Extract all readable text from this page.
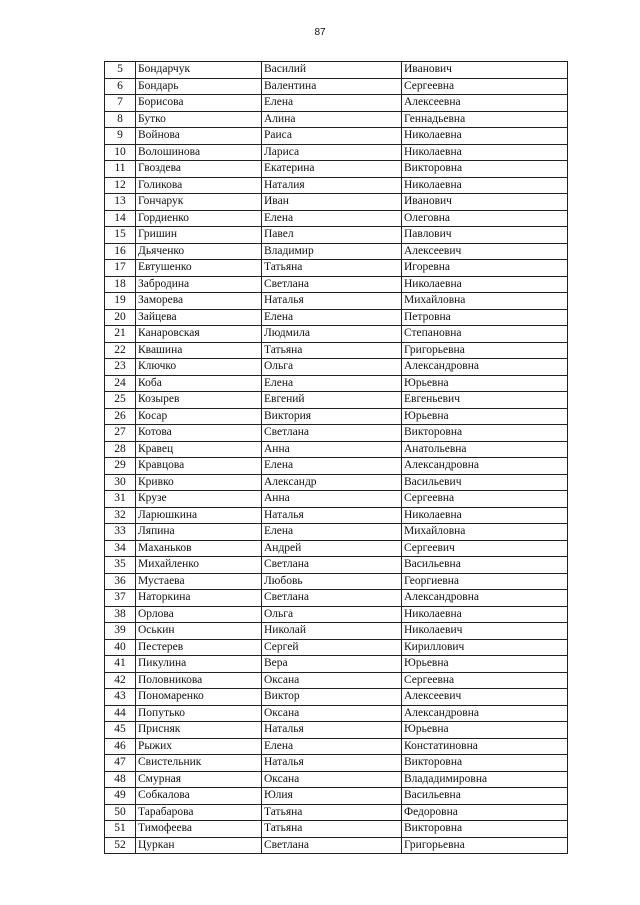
87
5	Бондарчук	Василий	Иванович
6	Бондарь	Валентина	Сергеевна
7	Борисова	Елена	Алексеевна
8	Бутко	Алина	Геннадьевна
9	Войнова	Раиса	Николаевна
10	Волошинова	Лариса	Николаевна
11	Гвоздева	Екатерина	Викторовна
12	Голикова	Наталия	Николаевна
13	Гончарук	Иван	Иванович
14	Гордиенко	Елена	Олеговна
15	Гришин	Павел	Павлович
16	Дьяченко	Владимир	Алексеевич
17	Евтушенко	Татьяна	Игоревна
18	Забродина	Светлана	Николаевна
19	Заморева	Наталья	Михайловна
20	Зайцева	Елена	Петровна
21	Канаровская	Людмила	Степановна
22	Квашина	Татьяна	Григорьевна
23	Ключко	Ольга	Александровна
24	Коба	Елена	Юрьевна
25	Козырев	Евгений	Евгеньевич
26	Косар	Виктория	Юрьевна
27	Котова	Светлана	Викторовна
28	Кравец	Анна	Анатольевна
29	Кравцова	Елена	Александровна
30	Кривко	Александр	Васильевич
31	Крузе	Анна	Сергеевна
32	Ларюшкина	Наталья	Николаевна
33	Ляпина	Елена	Михайловна
34	Маханьков	Андрей	Сергеевич
35	Михайленко	Светлана	Васильевна
36	Мустаева	Любовь	Георгиевна
37	Наторкина	Светлана	Александровна
38	Орлова	Ольга	Николаевна
39	Оськин	Николай	Николаевич
40	Пестерев	Сергей	Кириллович
41	Пикулина	Вера	Юрьевна
42	Половникова	Оксана	Сергеевна
43	Пономаренко	Виктор	Алексеевич
44	Попутько	Оксана	Александровна
45	Присняк	Наталья	Юрьевна
46	Рыжих	Елена	Констатиновна
47	Свистельник	Наталья	Викторовна
48	Смурная	Оксана	Влададимировна
49	Собкалова	Юлия	Васильевна
50	Тарабарова	Татьяна	Федоровна
51	Тимофеева	Татьяна	Викторовна
52	Цуркан	Светлана	Григорьевна
